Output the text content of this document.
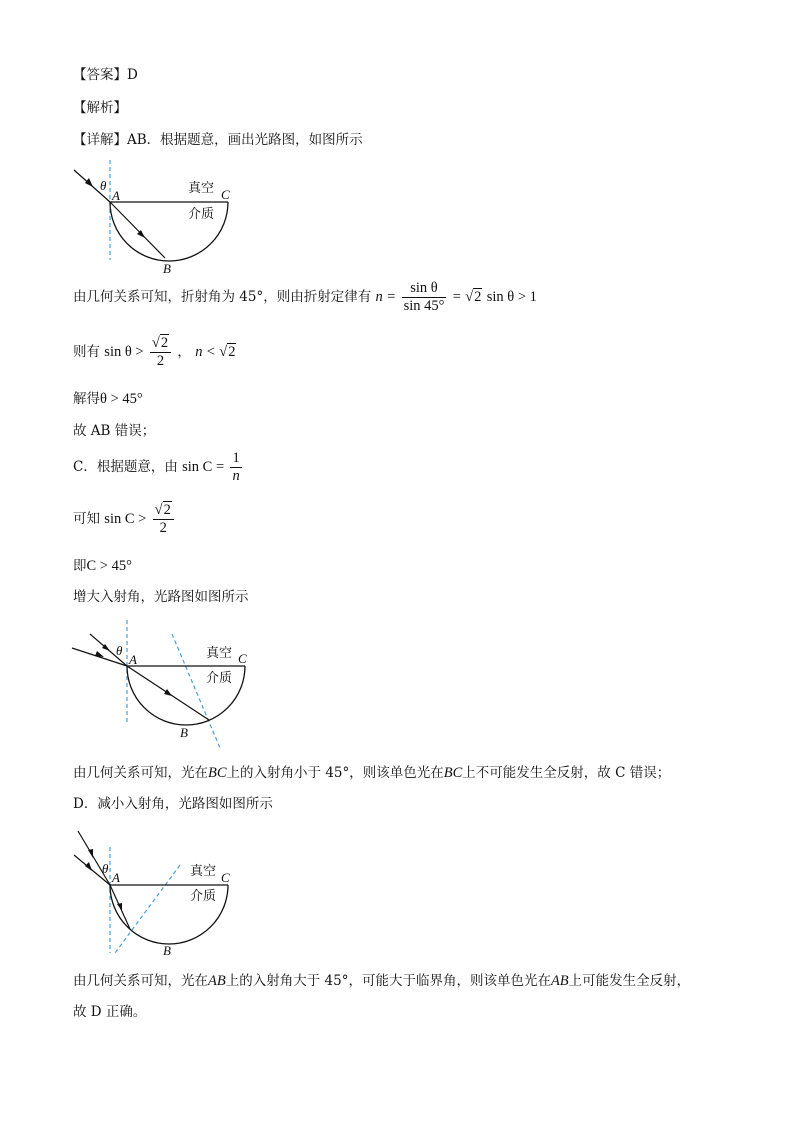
【答案】D
【解析】
【详解】AB．根据题意，画出光路图，如图所示
θ
A	C
B
真空
介质
由几何关系可知，折射角为 45°，则由折射定律有 $n = \frac{\text{sin θ}}{\sin 45^\circ} = √2$ sin θ > 1
则有 $\sin \theta > \frac{√2}{2}$ ， n < √2
解得θ > 45°
故 AB 错误；
C．根据题意，由 $\sin C = \frac{1}{n}$
可知 $\sin C > \frac{√2}{2}$
即C > 45°
增大入射角，光路图如图所示
θ
A	C
B
真空
介质
由几何关系可知，光在BC上的入射角小于 45°，则该单色光在BC上不可能发生全反射，故 C 错误；
D．减小入射角，光路图如图所示
θ
A	C
B
真空
介质
由几何关系可知，光在AB上的入射角大于 45°，可能大于临界角，则该单色光在AB上可能发生全反射，
故 D 正确。
